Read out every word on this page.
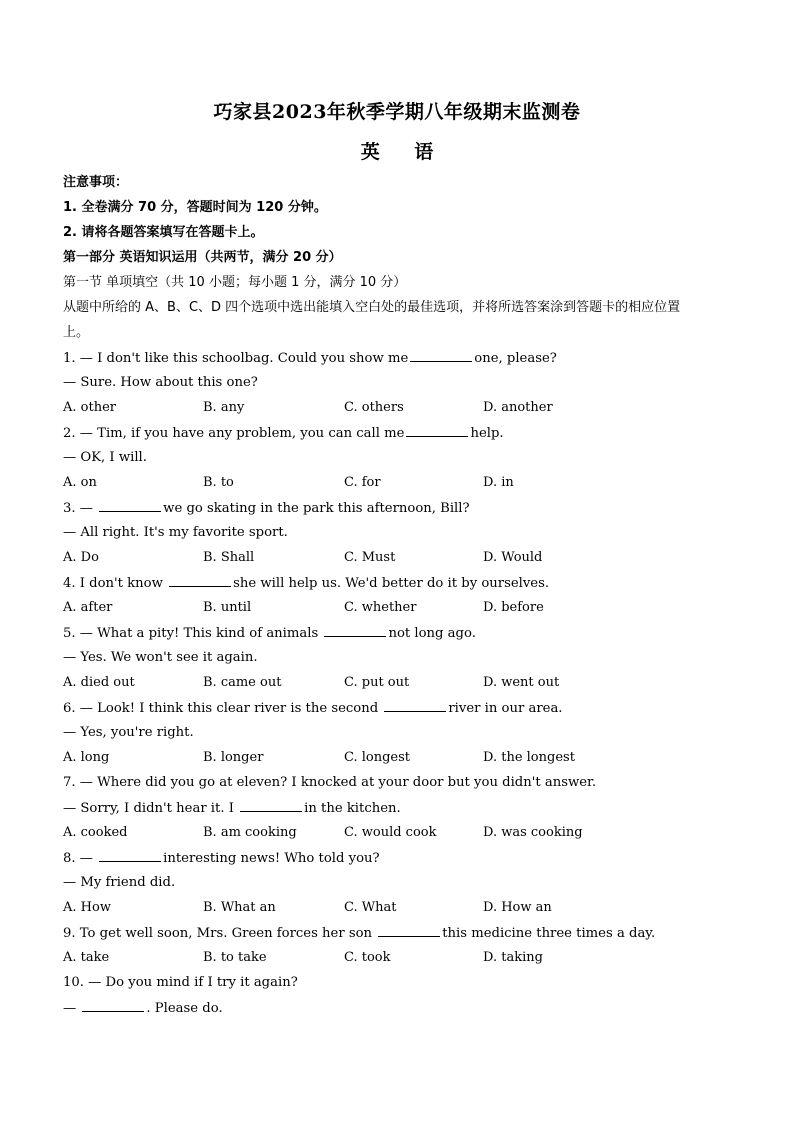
巧家县2023年秋季学期八年级期末监测卷
英 语
注意事项：
1. 全卷满分 70 分，答题时间为 120 分钟。
2. 请将各题答案填写在答题卡上。
第一部分 英语知识运用（共两节，满分 20 分）
第一节 单项填空（共 10 小题；每小题 1 分，满分 10 分）
从题中所给的 A、B、C、D 四个选项中选出能填入空白处的最佳选项，并将所选答案涂到答题卡的相应位置
上。
1. — I don't like this schoolbag. Could you show me	one, please?
— Sure. How about this one?
A. other	B. any	C. others	D. another
2. — Tim, if you have any problem, you can call me	help.
— OK, I will.
A. on	B. to	C. for	D. in
3. —	we go skating in the park this afternoon, Bill?
— All right. It's my favorite sport.
A. Do	B. Shall	C. Must	D. Would
4. I don't know	she will help us. We'd better do it by ourselves.
A. after	B. until	C. whether	D. before
5. — What a pity! This kind of animals	not long ago.
— Yes. We won't see it again.
A. died out	B. came out	C. put out	D. went out
6. — Look! I think this clear river is the second	river in our area.
— Yes, you're right.
A. long	B. longer	C. longest	D. the longest
7. — Where did you go at eleven? I knocked at your door but you didn't answer.
— Sorry, I didn't hear it. I	in the kitchen.
A. cooked	B. am cooking	C. would cook	D. was cooking
8. —	interesting news! Who told you?
— My friend did.
A. How	B. What an	C. What	D. How an
9. To get well soon, Mrs. Green forces her son	this medicine three times a day.
A. take	B. to take	C. took	D. taking
10. — Do you mind if I try it again?
—	. Please do.
